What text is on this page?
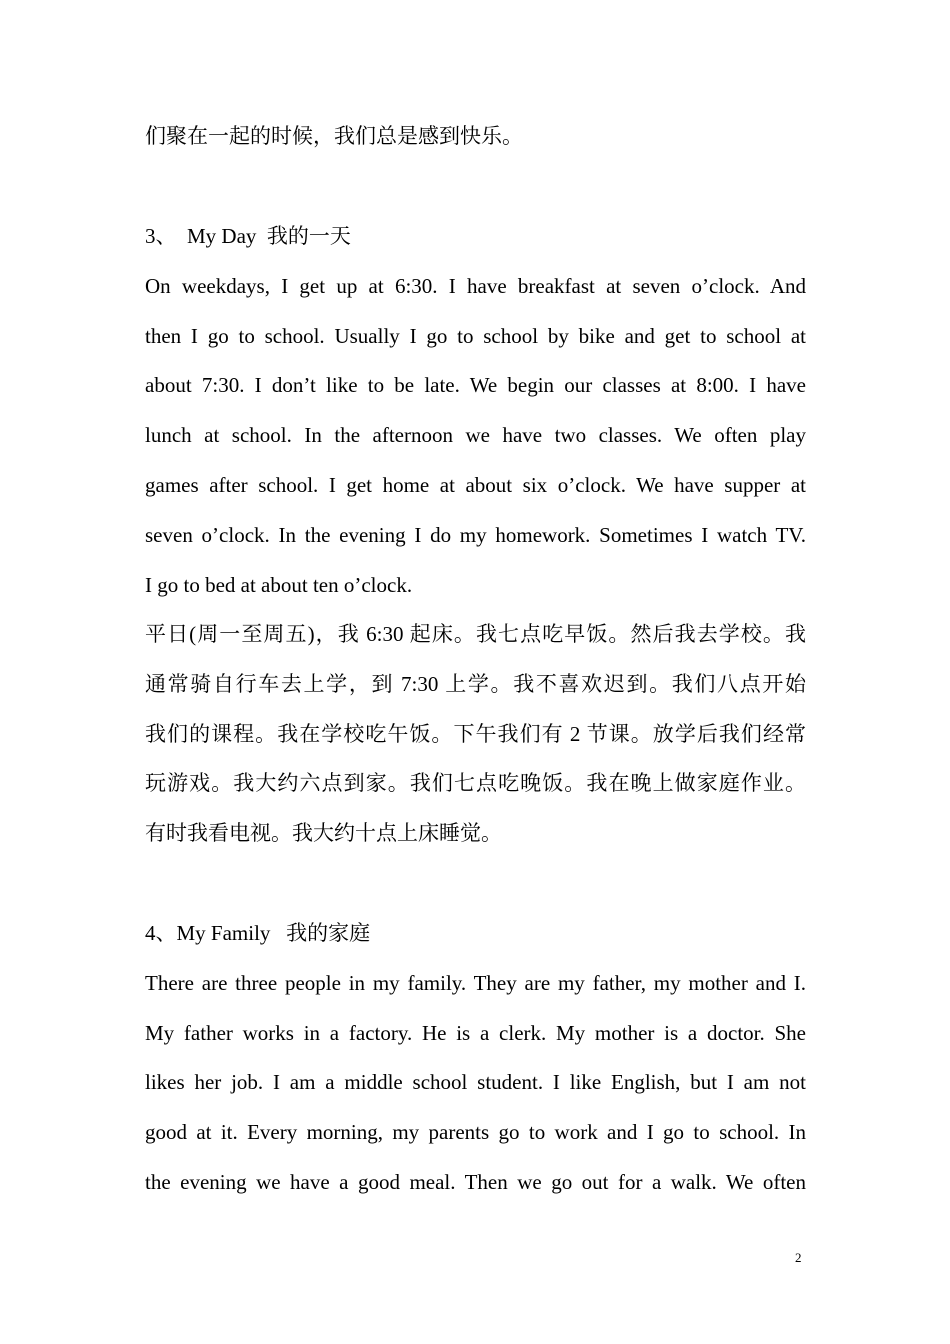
们聚在一起的时候，我们总是感到快乐。
3、  My Day  我的一天
On weekdays, I get up at 6:30. I have breakfast at seven o’clock. And
then I go to school. Usually I go to school by bike and get to school at
about 7:30. I don’t like to be late. We begin our classes at 8:00. I have
lunch at school. In the afternoon we have two classes. We often play
games after school. I get home at about six o’clock. We have supper at
seven o’clock. In the evening I do my homework. Sometimes I watch TV.
I go to bed at about ten o’clock.
平日(周一至周五)，我 6:30 起床。我七点吃早饭。然后我去学校。我
通常骑自行车去上学，到 7:30 上学。我不喜欢迟到。我们八点开始
我们的课程。我在学校吃午饭。下午我们有 2 节课。放学后我们经常
玩游戏。我大约六点到家。我们七点吃晚饭。我在晚上做家庭作业。
有时我看电视。我大约十点上床睡觉。
4、My Family   我的家庭
There are three people in my family. They are my father, my mother and I.
My father works in a factory. He is a clerk. My mother is a doctor. She
likes her job. I am a middle school student. I like English, but I am not
good at it. Every morning, my parents go to work and I go to school. In
the evening we have a good meal. Then we go out for a walk. We often
2
